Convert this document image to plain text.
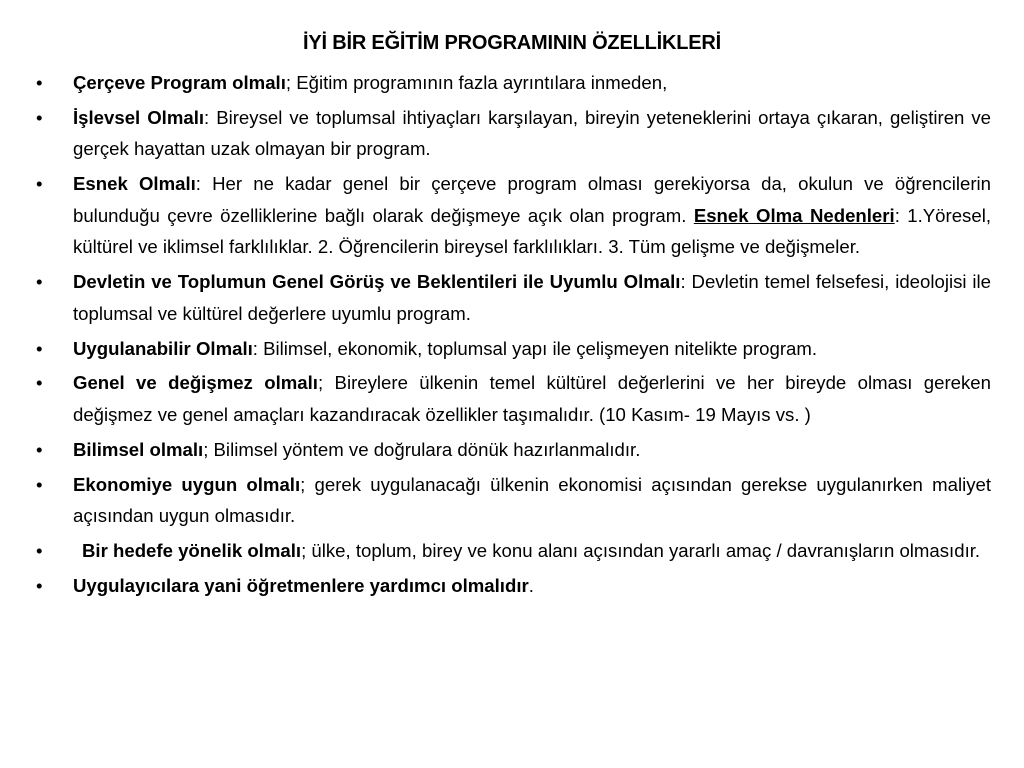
İYİ BİR EĞİTİM PROGRAMININ ÖZELLİKLERİ
•	Çerçeve Program olmalı; Eğitim programının fazla ayrıntılara inmeden,
•	İşlevsel Olmalı: Bireysel ve toplumsal ihtiyaçları karşılayan, bireyin yeteneklerini ortaya çıkaran, geliştiren ve gerçek hayattan uzak olmayan bir program.
•	Esnek Olmalı: Her ne kadar genel bir çerçeve program olması gerekiyorsa da, okulun ve öğrencilerin bulunduğu çevre özelliklerine bağlı olarak değişmeye açık olan program. Esnek Olma Nedenleri: 1.Yöresel, kültürel ve iklimsel farklılıklar. 2. Öğrencilerin bireysel farklılıkları. 3. Tüm gelişme ve değişmeler.
•	Devletin ve Toplumun Genel Görüş ve Beklentileri ile Uyumlu Olmalı: Devletin temel felsefesi, ideolojisi ile toplumsal ve kültürel değerlere uyumlu program.
•	Uygulanabilir Olmalı: Bilimsel, ekonomik, toplumsal yapı ile çelişmeyen nitelikte program.
•	Genel ve değişmez olmalı; Bireylere ülkenin temel kültürel değerlerini ve her bireyde olması gereken değişmez ve genel amaçları kazandıracak özellikler taşımalıdır. (10 Kasım- 19 Mayıs vs. )
•	Bilimsel olmalı; Bilimsel yöntem ve doğrulara dönük hazırlanmalıdır.
•	Ekonomiye uygun olmalı; gerek uygulanacağı ülkenin ekonomisi açısından gerekse uygulanırken maliyet açısından uygun olmasıdır.
•	Bir hedefe yönelik olmalı; ülke, toplum, birey ve konu alanı açısından yararlı amaç / davranışların olmasıdır.
•	Uygulayıcılara yani öğretmenlere yardımcı olmalıdır.
